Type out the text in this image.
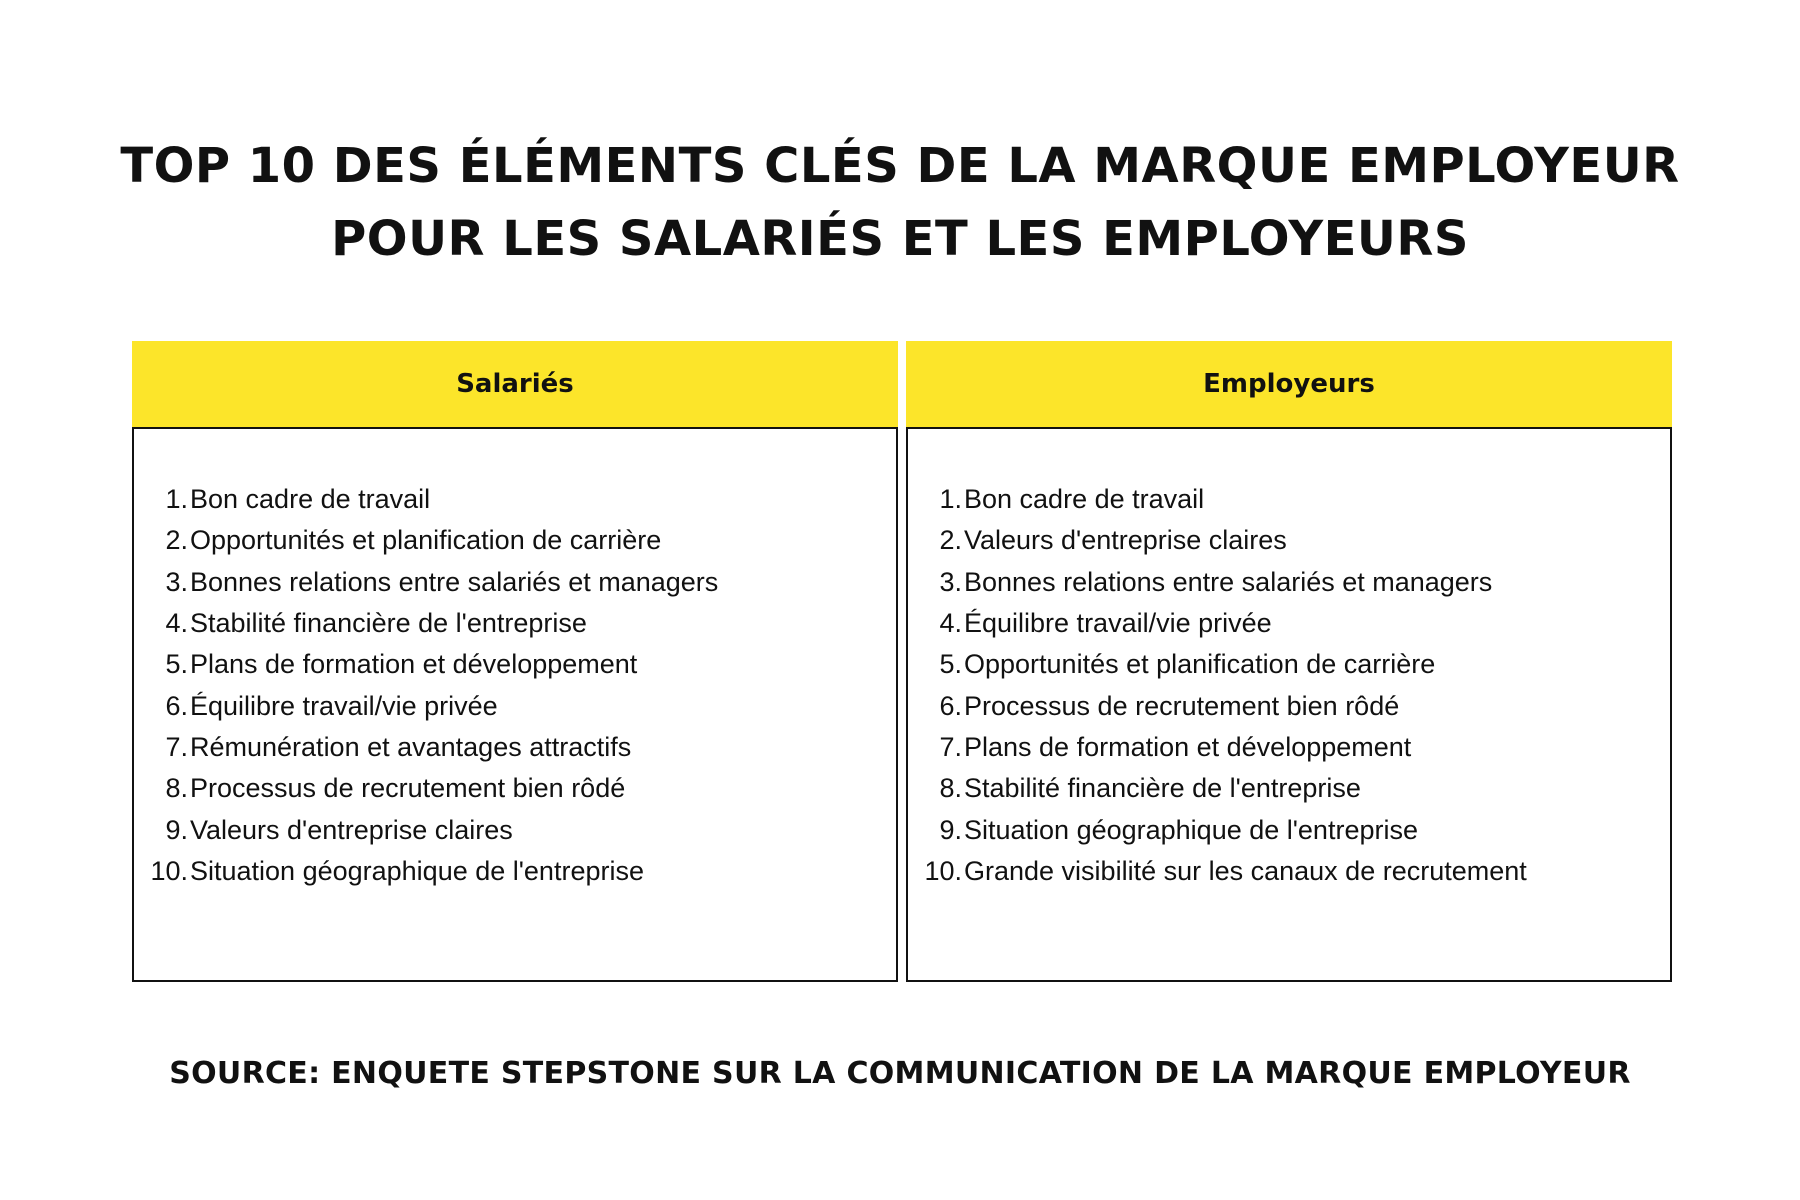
TOP 10 DES ÉLÉMENTS CLÉS DE LA MARQUE EMPLOYEUR
POUR LES SALARIÉS ET LES EMPLOYEURS
Salariés
1. Bon cadre de travail
2. Opportunités et planification de carrière
3. Bonnes relations entre salariés et managers
4. Stabilité financière de l'entreprise
5. Plans de formation et développement
6. Équilibre travail/vie privée
7. Rémunération et avantages attractifs
8. Processus de recrutement bien rôdé
9. Valeurs d'entreprise claires
10. Situation géographique de l'entreprise
Employeurs
1. Bon cadre de travail
2. Valeurs d'entreprise claires
3. Bonnes relations entre salariés et managers
4. Équilibre travail/vie privée
5. Opportunités et planification de carrière
6. Processus de recrutement bien rôdé
7. Plans de formation et développement
8. Stabilité financière de l'entreprise
9. Situation géographique de l'entreprise
10. Grande visibilité sur les canaux de recrutement

SOURCE: ENQUETE STEPSTONE SUR LA COMMUNICATION DE LA MARQUE EMPLOYEUR
